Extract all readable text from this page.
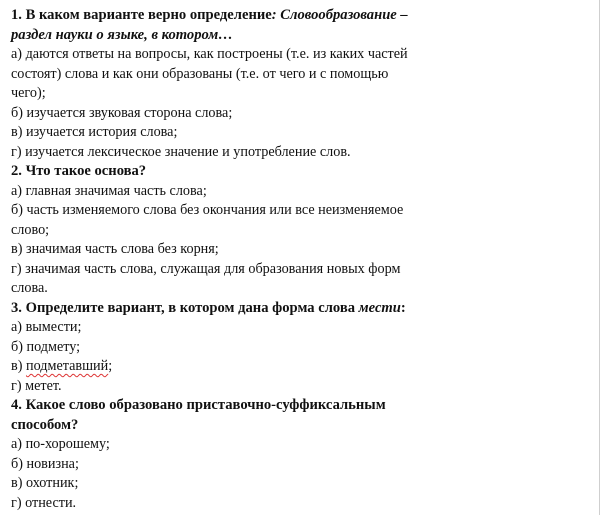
1. В каком варианте верно определение: Словообразование –
раздел науки о языке, в котором…
а) даются ответы на вопросы, как построены (т.е. из каких частей
состоят) слова и как они образованы (т.е. от чего и с помощью
чего);
б) изучается звуковая сторона слова;
в) изучается история слова;
г) изучается лексическое значение и употребление слов.
2. Что такое основа?
а) главная значимая часть слова;
б) часть изменяемого слова без окончания или все неизменяемое
слово;
в) значимая часть слова без корня;
г) значимая часть слова, служащая для образования новых форм
слова.
3. Определите вариант, в котором дана форма слова мести:
а) вымести;
б) подмету;
в) подметавший;
г) метет.
4. Какое слово образовано приставочно-суффиксальным
способом?
а) по-хорошему;
б) новизна;
в) охотник;
г) отнести.
